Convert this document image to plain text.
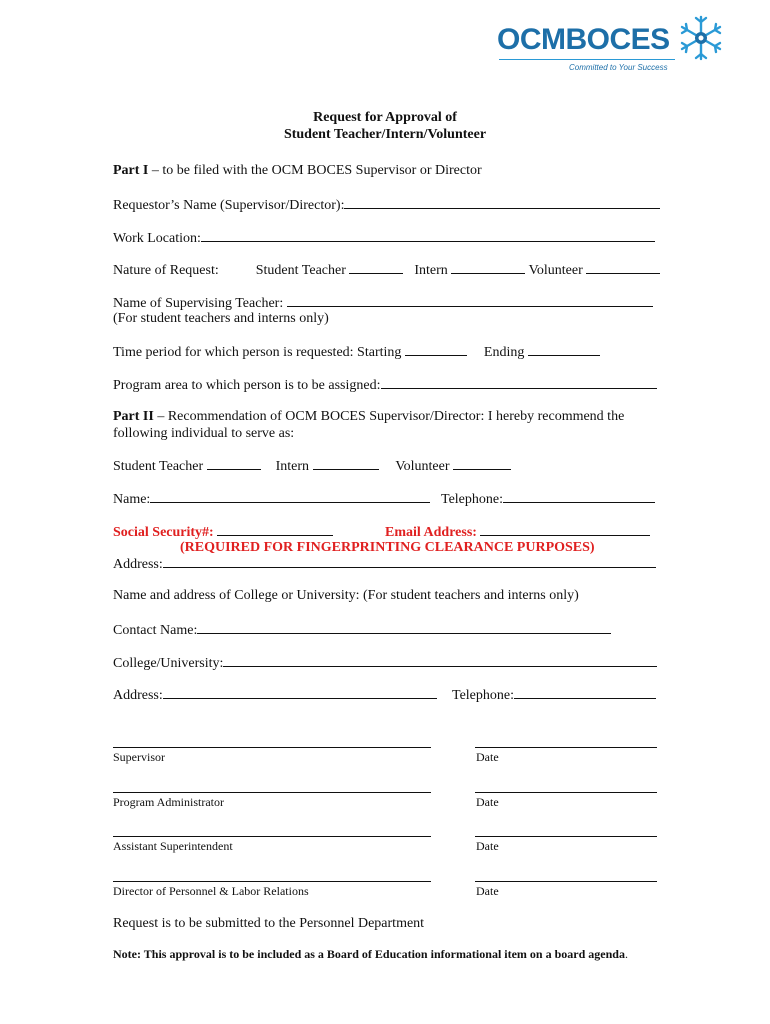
OCMBOCES
Committed to Your Success
Request for Approval of
Student Teacher/Intern/Volunteer
Part I – to be filed with the OCM BOCES Supervisor or Director
Requestor’s Name (Supervisor/Director):
Work Location:
Nature of Request:	Student Teacher	Intern	Volunteer
Name of Supervising Teacher:
(For student teachers and interns only)
Time period for which person is requested: Starting	Ending
Program area to which person is to be assigned:
Part II – Recommendation of OCM BOCES Supervisor/Director: I hereby recommend the
following individual to serve as:
Student Teacher	Intern	Volunteer
Name:	Telephone:
Social Security#:	Email Address:
(REQUIRED FOR FINGERPRINTING CLEARANCE PURPOSES)
Address:
Name and address of College or University: (For student teachers and interns only)
Contact Name:
College/University:
Address:	Telephone:
Supervisor	Date
Program Administrator	Date
Assistant Superintendent	Date
Director of Personnel & Labor Relations	Date
Request is to be submitted to the Personnel Department
Note: This approval is to be included as a Board of Education informational item on a board agenda.
